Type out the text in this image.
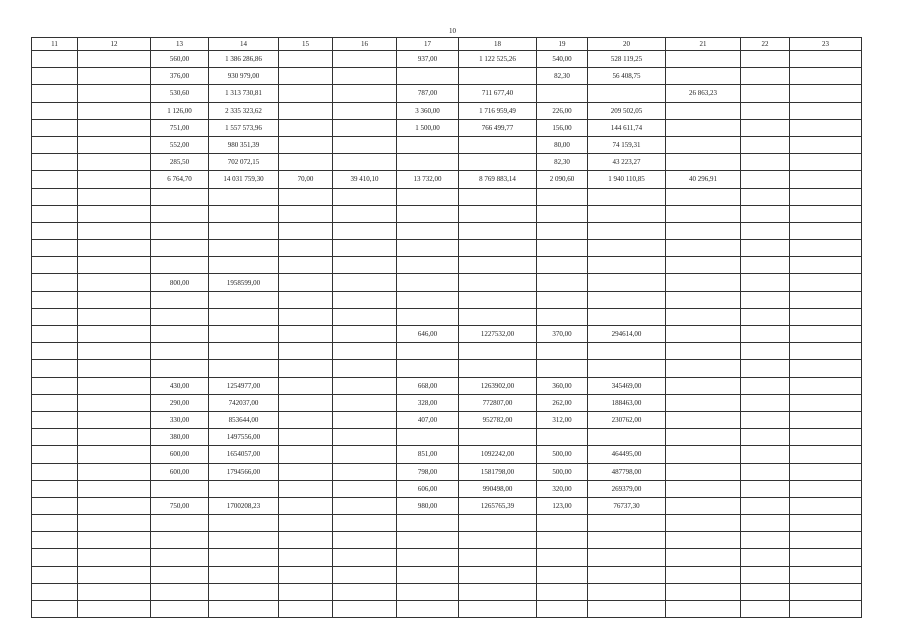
10
11	12	13	14	15	16	17	18	19	20	21	22	23
		560,00	1 386 286,86			937,00	1 122 525,26	540,00	528 119,25			
		376,00	930 979,00					82,30	56 408,75			
		530,60	1 313 730,81			787,00	711 677,40			26 863,23		
		1 126,00	2 335 323,62			3 360,00	1 716 959,49	226,00	209 502,05			
		751,00	1 557 573,96			1 500,00	766 499,77	156,00	144 611,74			
		552,00	980 351,39					80,00	74 159,31			
		285,50	702 072,15					82,30	43 223,27			
		6 764,70	14 031 759,30	70,00	39 410,10	13 732,00	8 769 883,14	2 090,60	1 940 110,85	40 296,91		

		800,00	1958599,00									

						646,00	1227532,00	370,00	294614,00			

		430,00	1254977,00			668,00	1263902,00	360,00	345469,00			
		290,00	742037,00			328,00	772807,00	262,00	188463,00			
		330,00	853644,00			407,00	952782,00	312,00	230762,00			
		380,00	1497556,00									
		600,00	1654057,00			851,00	1092242,00	500,00	464495,00			
		600,00	1794566,00			798,00	1581798,00	500,00	487798,00			
						606,00	990498,00	320,00	269379,00			
		750,00	1700208,23			980,00	1265765,39	123,00	76737,30			
